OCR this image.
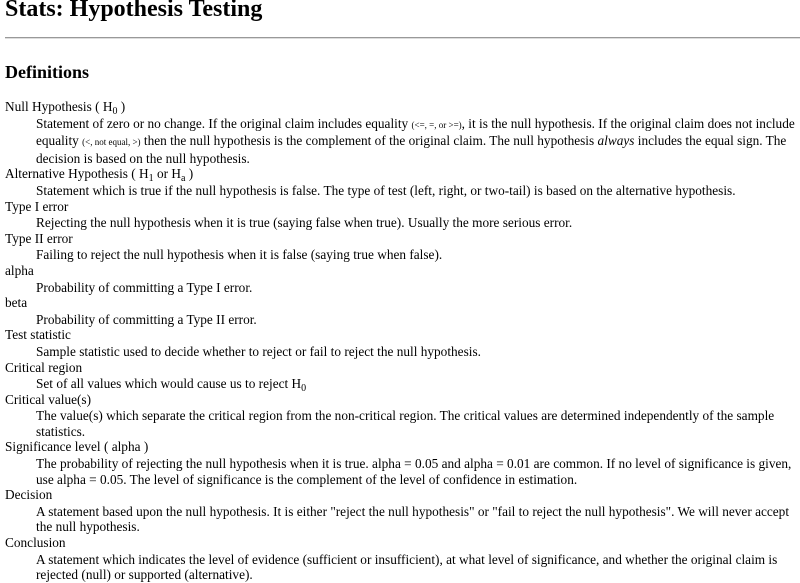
Stats: Hypothesis Testing
Definitions
Null Hypothesis ( $H_0$ )
Statement of zero or no change. If the original claim includes equality (<=, =, or >=), it is the null hypothesis. If the original claim does not include equality (<, not equal, >) then the null hypothesis is the complement of the original claim. The null hypothesis always includes the equal sign. The decision is based on the null hypothesis.
Alternative Hypothesis ( $H_1$ or $H_a$ )
Statement which is true if the null hypothesis is false. The type of test (left, right, or two-tail) is based on the alternative hypothesis.
Type I error
Rejecting the null hypothesis when it is true (saying false when true). Usually the more serious error.
Type II error
Failing to reject the null hypothesis when it is false (saying true when false).
alpha
Probability of committing a Type I error.
beta
Probability of committing a Type II error.
Test statistic
Sample statistic used to decide whether to reject or fail to reject the null hypothesis.
Critical region
Set of all values which would cause us to reject $H_0$
Critical value(s)
The value(s) which separate the critical region from the non-critical region. The critical values are determined independently of the sample statistics.
Significance level ( alpha )
The probability of rejecting the null hypothesis when it is true. alpha = 0.05 and alpha = 0.01 are common. If no level of significance is given, use alpha = 0.05. The level of significance is the complement of the level of confidence in estimation.
Decision
A statement based upon the null hypothesis. It is either "reject the null hypothesis" or "fail to reject the null hypothesis". We will never accept the null hypothesis.
Conclusion
A statement which indicates the level of evidence (sufficient or insufficient), at what level of significance, and whether the original claim is rejected (null) or supported (alternative).
